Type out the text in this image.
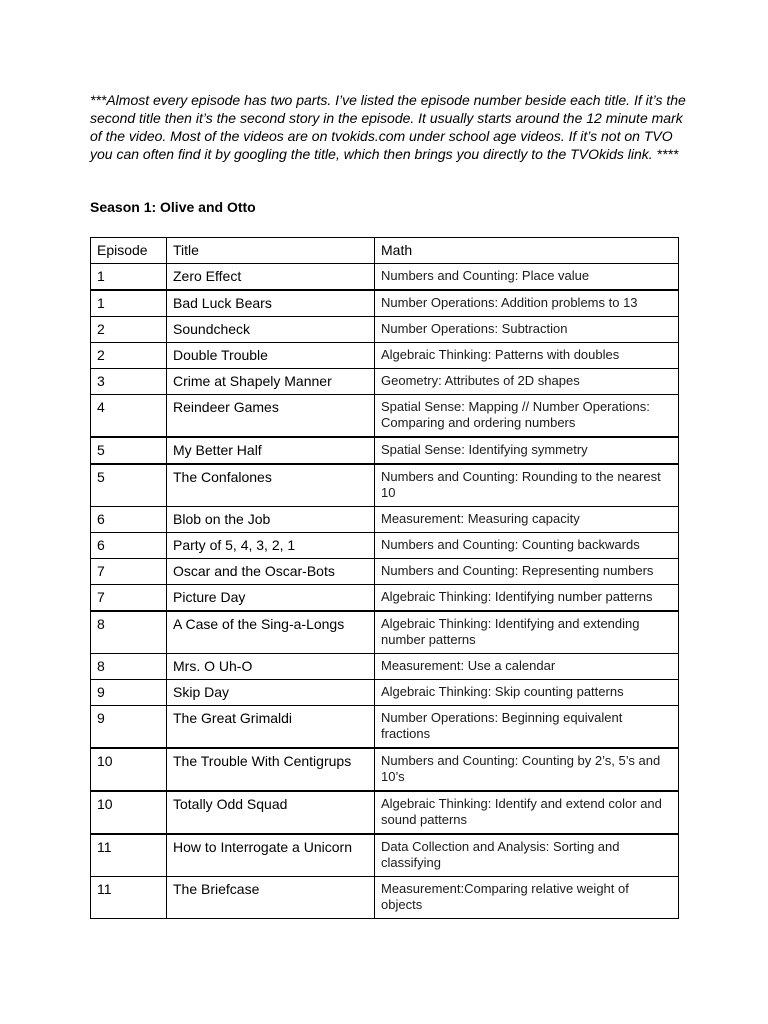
***Almost every episode has two parts. I’ve listed the episode number beside each title. If it’s the second title then it’s the second story in the episode. It usually starts around the 12 minute mark of the video. Most of the videos are on tvokids.com under school age videos. If it’s not on TVO you can often find it by googling the title, which then brings you directly to the TVOkids link. ****

Season 1: Olive and Otto

Episode	Title	Math
1	Zero Effect	Numbers and Counting: Place value
1	Bad Luck Bears	Number Operations: Addition problems to 13
2	Soundcheck	Number Operations: Subtraction
2	Double Trouble	Algebraic Thinking: Patterns with doubles
3	Crime at Shapely Manner	Geometry: Attributes of 2D shapes
4	Reindeer Games	Spatial Sense: Mapping // Number Operations: Comparing and ordering numbers
5	My Better Half	Spatial Sense: Identifying symmetry
5	The Confalones	Numbers and Counting: Rounding to the nearest 10
6	Blob on the Job	Measurement: Measuring capacity
6	Party of 5, 4, 3, 2, 1	Numbers and Counting: Counting backwards
7	Oscar and the Oscar-Bots	Numbers and Counting: Representing numbers
7	Picture Day	Algebraic Thinking: Identifying number patterns
8	A Case of the Sing-a-Longs	Algebraic Thinking: Identifying and extending number patterns
8	Mrs. O Uh-O	Measurement: Use a calendar
9	Skip Day	Algebraic Thinking: Skip counting patterns
9	The Great Grimaldi	Number Operations: Beginning equivalent fractions
10	The Trouble With Centigrups	Numbers and Counting: Counting by 2’s, 5’s and 10’s
10	Totally Odd Squad	Algebraic Thinking: Identify and extend color and sound patterns
11	How to Interrogate a Unicorn	Data Collection and Analysis: Sorting and classifying
11	The Briefcase	Measurement:Comparing relative weight of objects
